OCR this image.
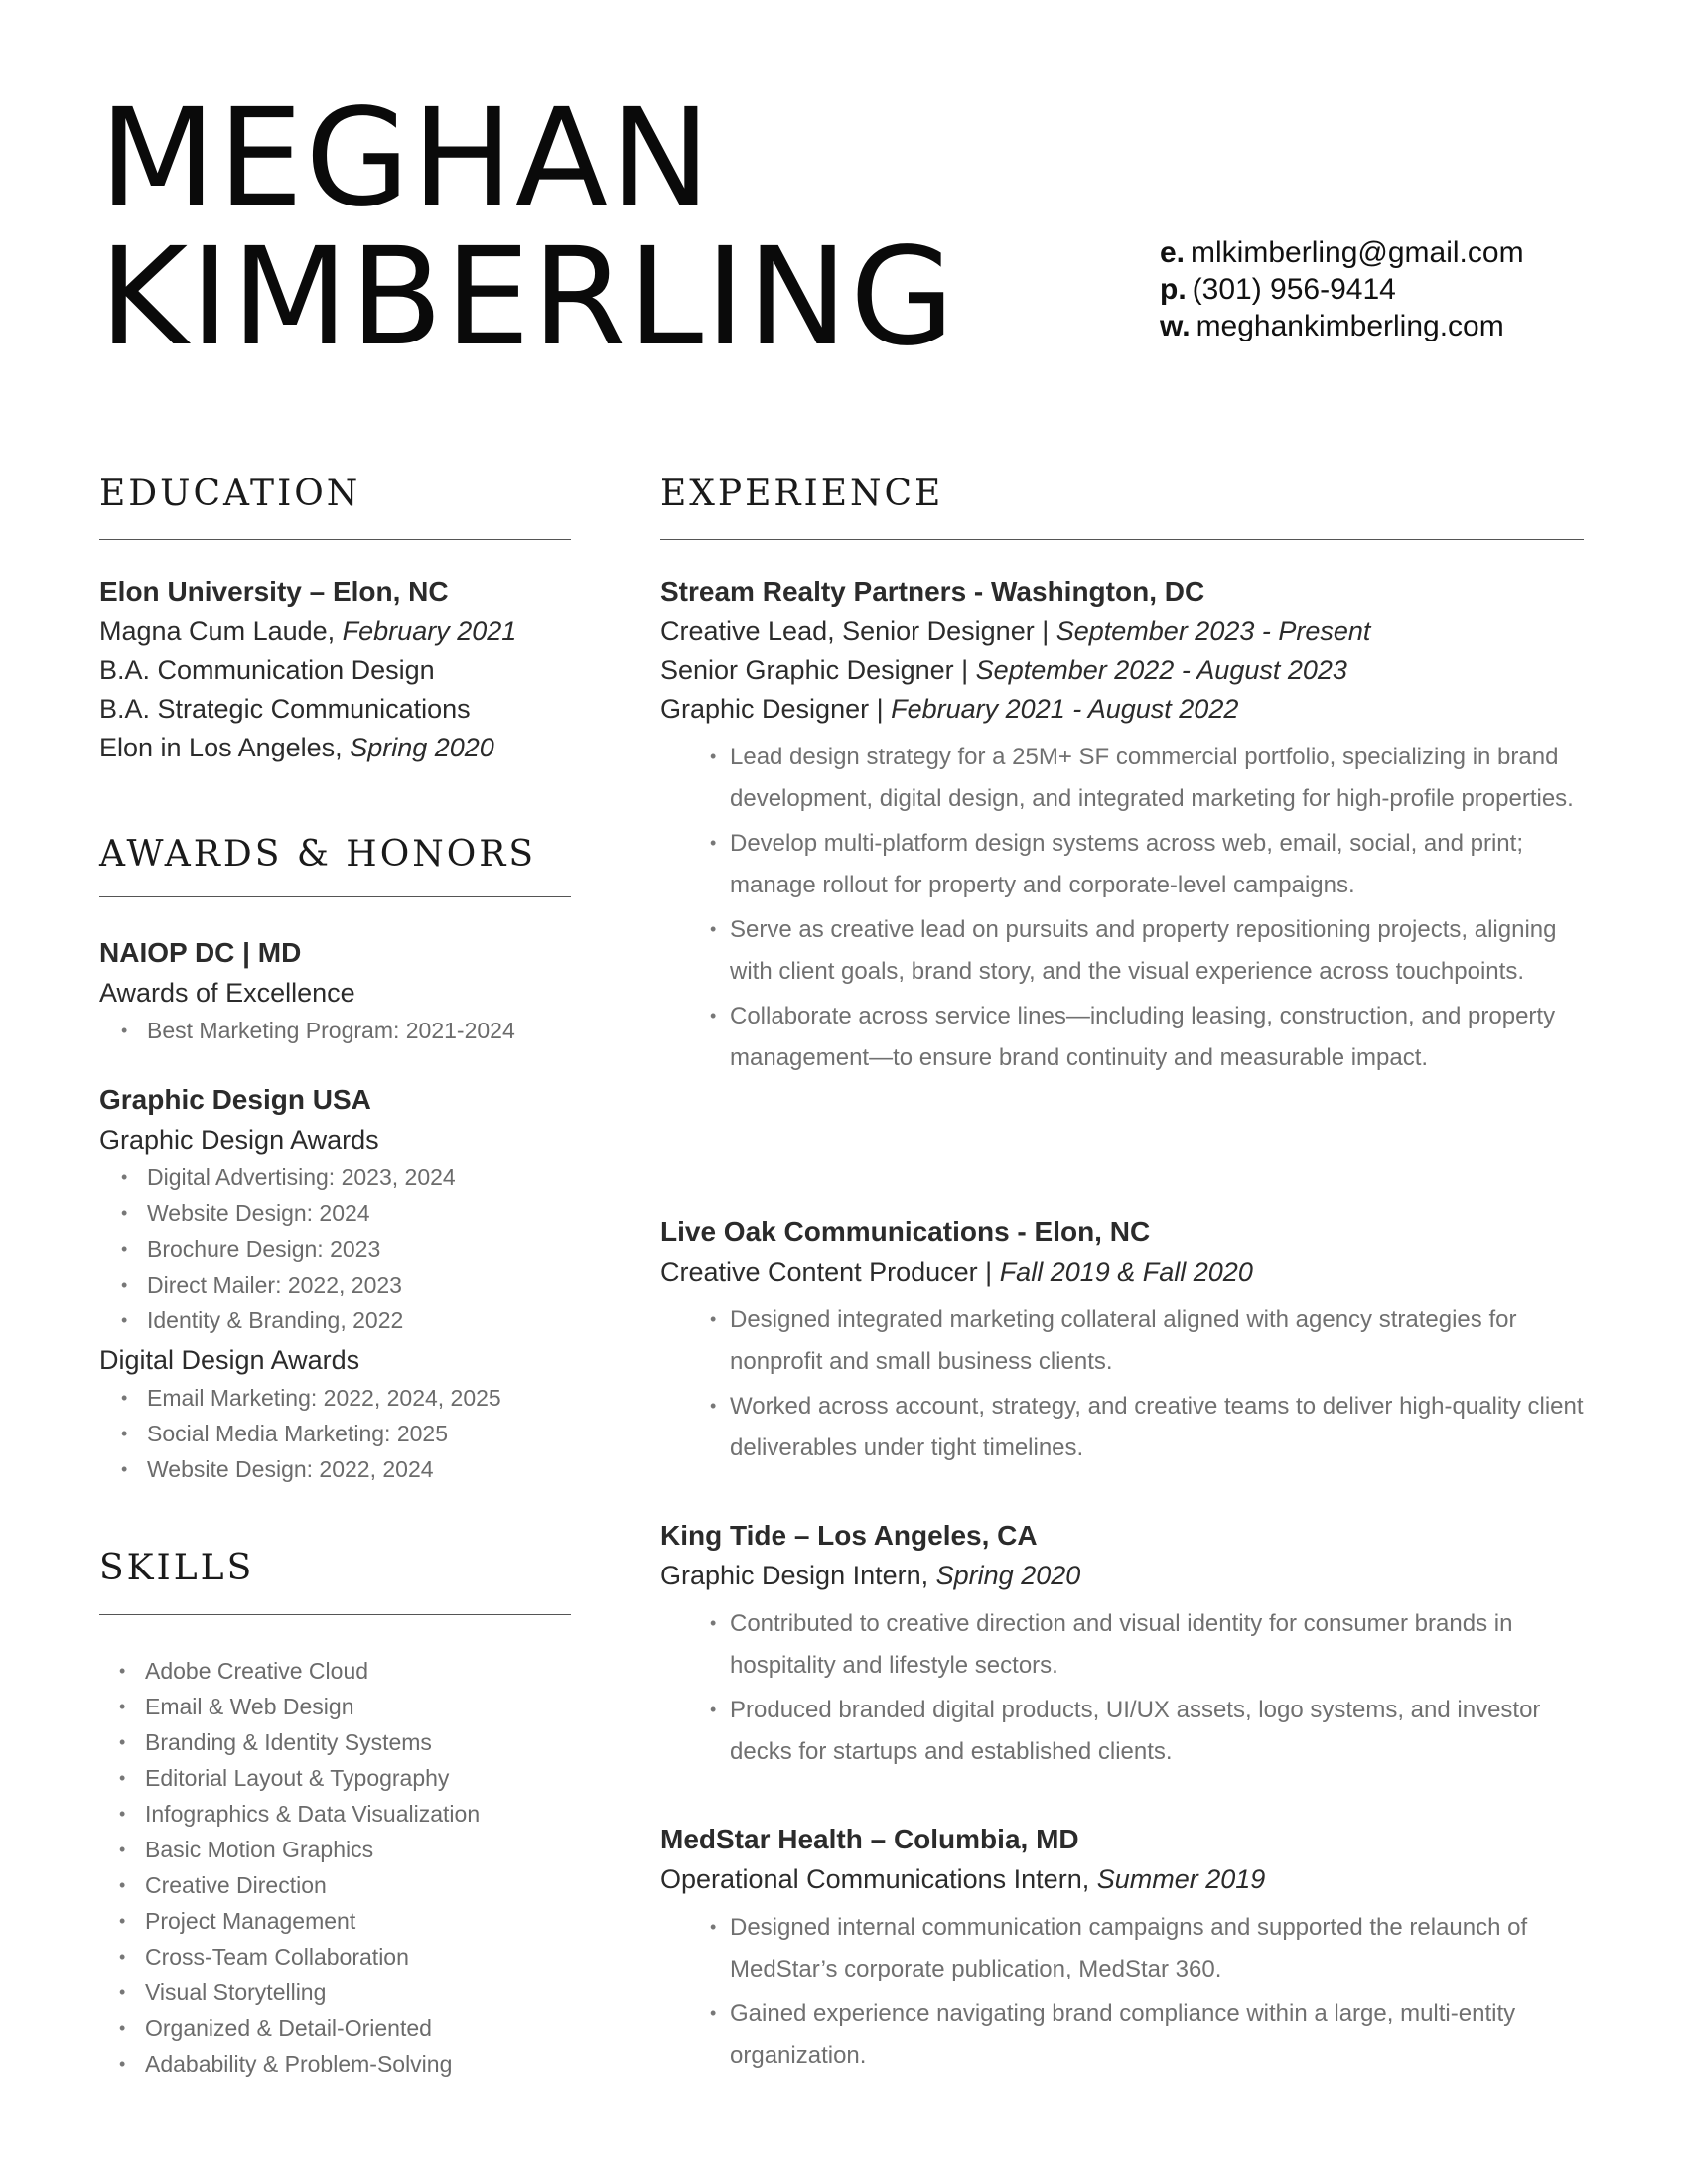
MEGHAN
KIMBERLING	e. mlkimberling@gmail.com
p. (301) 956-9414
w. meghankimberling.com
EDUCATION
Elon University – Elon, NC
Magna Cum Laude, February 2021
B.A. Communication Design
B.A. Strategic Communications
Elon in Los Angeles, Spring 2020
AWARDS & HONORS
NAIOP DC | MD
Awards of Excellence
• Best Marketing Program: 2021-2024
Graphic Design USA
Graphic Design Awards
• Digital Advertising: 2023, 2024
• Website Design: 2024
• Brochure Design: 2023
• Direct Mailer: 2022, 2023
• Identity & Branding, 2022
Digital Design Awards
• Email Marketing: 2022, 2024, 2025
• Social Media Marketing: 2025
• Website Design: 2022, 2024
SKILLS
• Adobe Creative Cloud
• Email & Web Design
• Branding & Identity Systems
• Editorial Layout & Typography
• Infographics & Data Visualization
• Basic Motion Graphics
• Creative Direction
• Project Management
• Cross-Team Collaboration
• Visual Storytelling
• Organized & Detail-Oriented
• Adabability & Problem-Solving
EXPERIENCE
Stream Realty Partners - Washington, DC
Creative Lead, Senior Designer | September 2023 - Present
Senior Graphic Designer | September 2022 - August 2023
Graphic Designer | February 2021 - August 2022
• Lead design strategy for a 25M+ SF commercial portfolio, specializing in brand development, digital design, and integrated marketing for high-profile properties.
• Develop multi-platform design systems across web, email, social, and print; manage rollout for property and corporate-level campaigns.
• Serve as creative lead on pursuits and property repositioning projects, aligning with client goals, brand story, and the visual experience across touchpoints.
• Collaborate across service lines—including leasing, construction, and property management—to ensure brand continuity and measurable impact.
Live Oak Communications - Elon, NC
Creative Content Producer | Fall 2019 & Fall 2020
• Designed integrated marketing collateral aligned with agency strategies for nonprofit and small business clients.
• Worked across account, strategy, and creative teams to deliver high-quality client deliverables under tight timelines.
King Tide – Los Angeles, CA
Graphic Design Intern, Spring 2020
• Contributed to creative direction and visual identity for consumer brands in hospitality and lifestyle sectors.
• Produced branded digital products, UI/UX assets, logo systems, and investor decks for startups and established clients.
MedStar Health – Columbia, MD
Operational Communications Intern, Summer 2019
• Designed internal communication campaigns and supported the relaunch of MedStar’s corporate publication, MedStar 360.
• Gained experience navigating brand compliance within a large, multi-entity organization.
